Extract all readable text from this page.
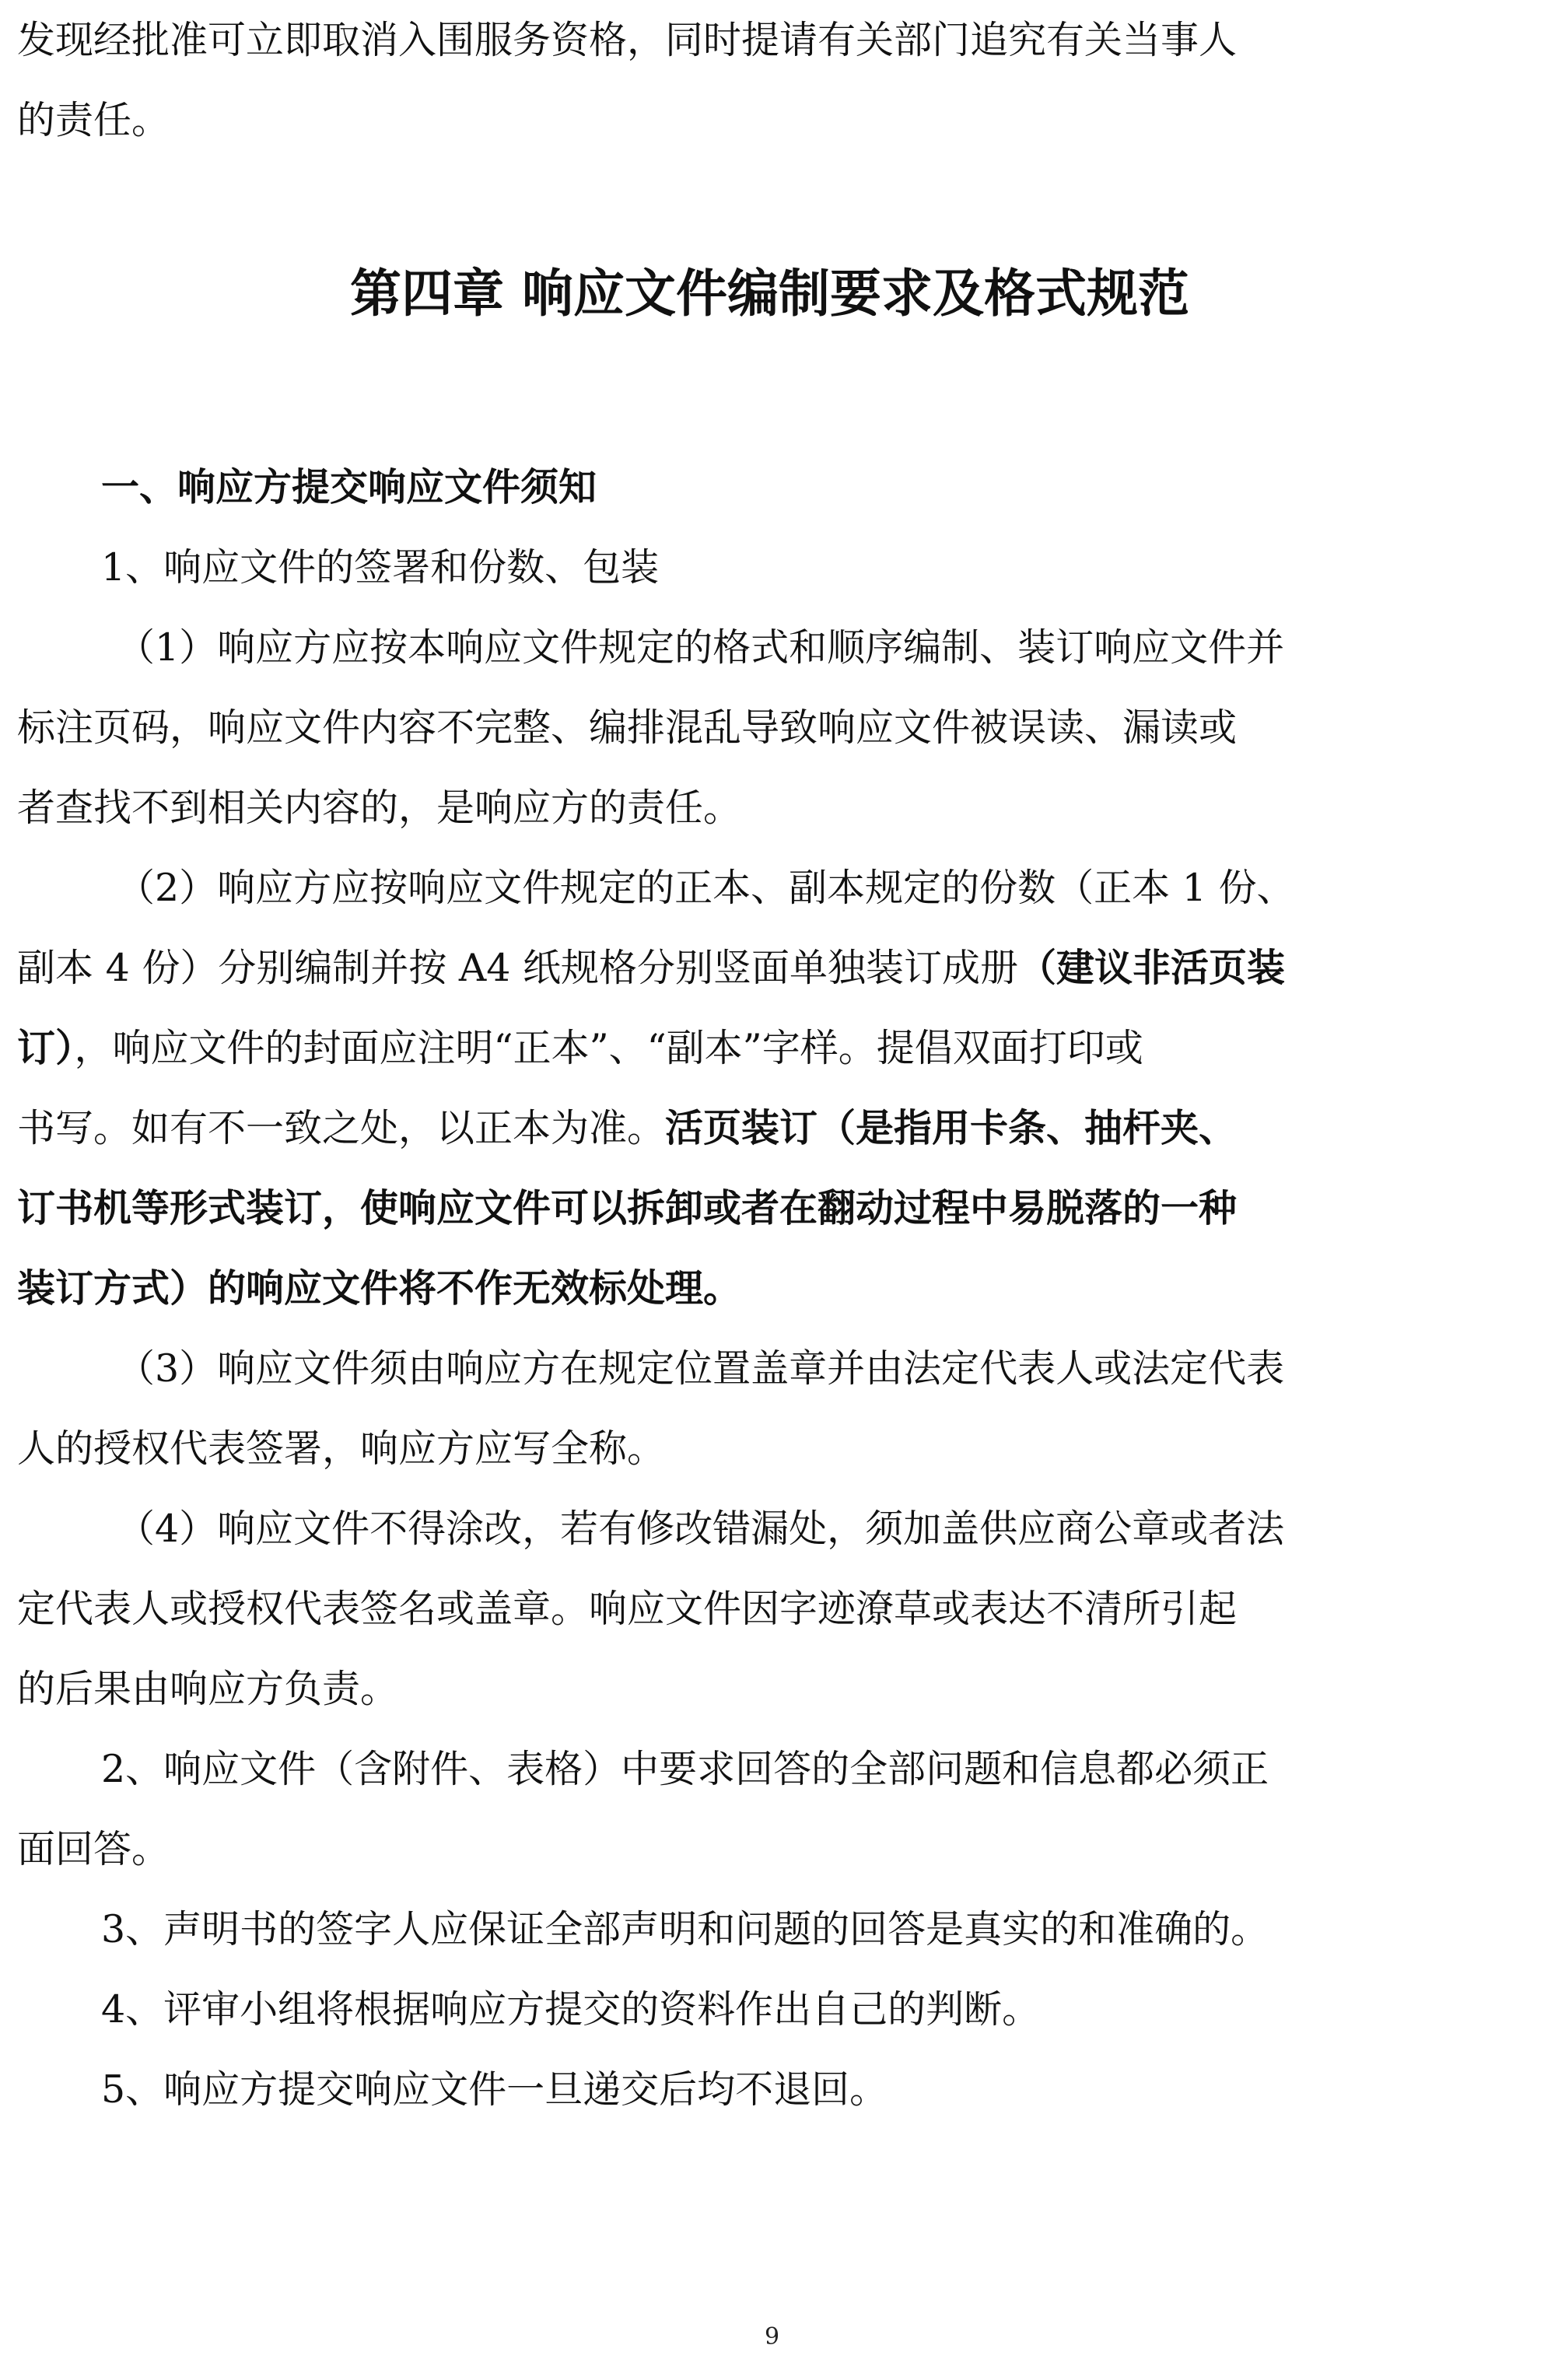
发现经批准可立即取消入围服务资格，同时提请有关部门追究有关当事人
的责任。
第四章 响应文件编制要求及格式规范
一、响应方提交响应文件须知
1、响应文件的签署和份数、包装
（1）响应方应按本响应文件规定的格式和顺序编制、装订响应文件并
标注页码，响应文件内容不完整、编排混乱导致响应文件被误读、漏读或
者查找不到相关内容的，是响应方的责任。
（2）响应方应按响应文件规定的正本、副本规定的份数（正本 1 份、
副本 4 份）分别编制并按 A4 纸规格分别竖面单独装订成册（建议非活页装
订），响应文件的封面应注明“正本”、“副本”字样。提倡双面打印或
书写。如有不一致之处，以正本为准。活页装订（是指用卡条、抽杆夹、
订书机等形式装订，使响应文件可以拆卸或者在翻动过程中易脱落的一种
装订方式）的响应文件将不作无效标处理。
（3）响应文件须由响应方在规定位置盖章并由法定代表人或法定代表
人的授权代表签署，响应方应写全称。
（4）响应文件不得涂改，若有修改错漏处，须加盖供应商公章或者法
定代表人或授权代表签名或盖章。响应文件因字迹潦草或表达不清所引起
的后果由响应方负责。
2、响应文件（含附件、表格）中要求回答的全部问题和信息都必须正
面回答。
3、声明书的签字人应保证全部声明和问题的回答是真实的和准确的。
4、评审小组将根据响应方提交的资料作出自己的判断。
5、响应方提交响应文件一旦递交后均不退回。
9
